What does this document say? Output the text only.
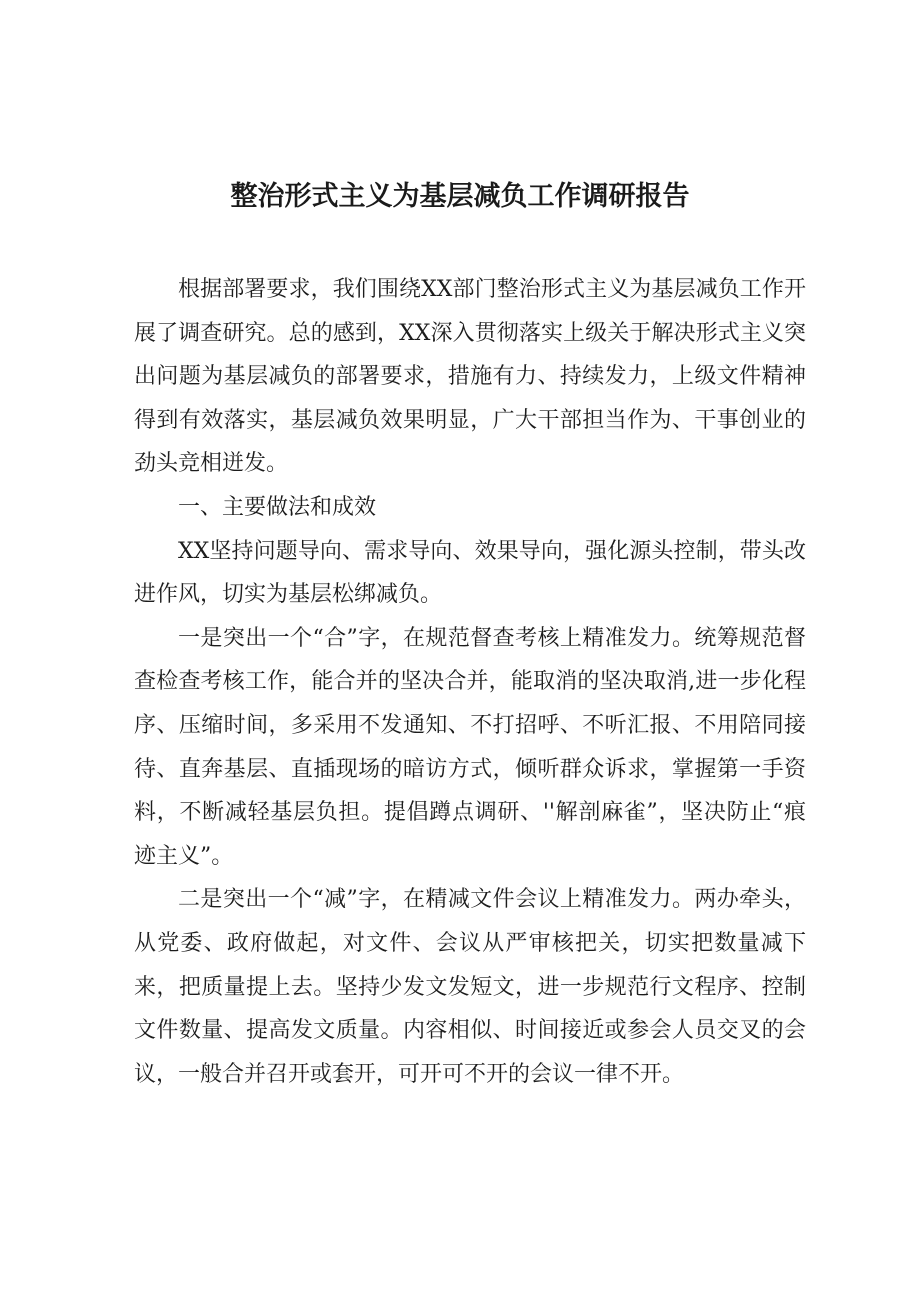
整治形式主义为基层减负工作调研报告

根据部署要求，我们围绕XX部门整治形式主义为基层减负工作开展了调查研究。总的感到，XX深入贯彻落实上级关于解决形式主义突出问题为基层减负的部署要求，措施有力、持续发力，上级文件精神得到有效落实，基层减负效果明显，广大干部担当作为、干事创业的劲头竞相迸发。

一、主要做法和成效

XX坚持问题导向、需求导向、效果导向，强化源头控制，带头改进作风，切实为基层松绑减负。

一是突出一个“合”字，在规范督查考核上精准发力。统筹规范督查检查考核工作，能合并的坚决合并，能取消的坚决取消,进一步化程序、压缩时间，多采用不发通知、不打招呼、不听汇报、不用陪同接待、直奔基层、直插现场的暗访方式，倾听群众诉求，掌握第一手资料，不断减轻基层负担。提倡蹲点调研、''解剖麻雀”，坚决防止“痕迹主义”。

二是突出一个“减”字，在精减文件会议上精准发力。两办牵头，从党委、政府做起，对文件、会议从严审核把关，切实把数量减下来，把质量提上去。坚持少发文发短文，进一步规范行文程序、控制文件数量、提高发文质量。内容相似、时间接近或参会人员交叉的会议，一般合并召开或套开，可开可不开的会议一律不开。
